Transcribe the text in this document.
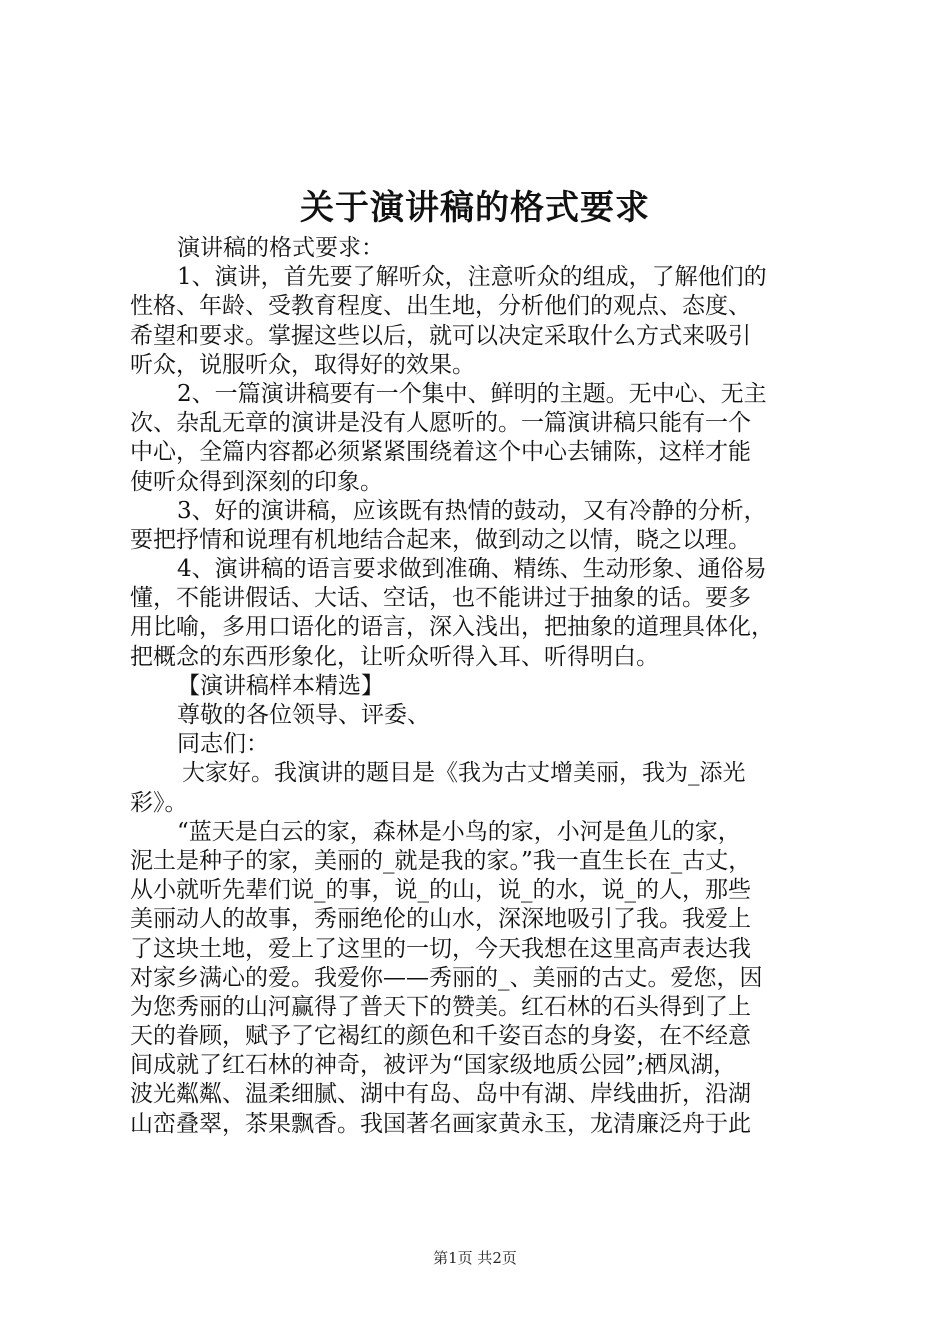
关于演讲稿的格式要求
演讲稿的格式要求：
1、演讲，首先要了解听众，注意听众的组成，了解他们的
性格、年龄、受教育程度、出生地，分析他们的观点、态度、
希望和要求。掌握这些以后，就可以决定采取什么方式来吸引
听众，说服听众，取得好的效果。
2、一篇演讲稿要有一个集中、鲜明的主题。无中心、无主
次、杂乱无章的演讲是没有人愿听的。一篇演讲稿只能有一个
中心，全篇内容都必须紧紧围绕着这个中心去铺陈，这样才能
使听众得到深刻的印象。
3、好的演讲稿，应该既有热情的鼓动，又有冷静的分析，
要把抒情和说理有机地结合起来，做到动之以情，晓之以理。
4、演讲稿的语言要求做到准确、精练、生动形象、通俗易
懂，不能讲假话、大话、空话，也不能讲过于抽象的话。要多
用比喻，多用口语化的语言，深入浅出，把抽象的道理具体化，
把概念的东西形象化，让听众听得入耳、听得明白。
【演讲稿样本精选】
尊敬的各位领导、评委、
同志们：
大家好。我演讲的题目是《我为古丈增美丽，我为_添光
彩》。
“蓝天是白云的家，森林是小鸟的家，小河是鱼儿的家，
泥土是种子的家，美丽的_就是我的家。”我一直生长在_古丈，
从小就听先辈们说_的事，说_的山，说_的水，说_的人，那些
美丽动人的故事，秀丽绝伦的山水，深深地吸引了我。我爱上
了这块土地，爱上了这里的一切，今天我想在这里高声表达我
对家乡满心的爱。我爱你——秀丽的_、美丽的古丈。爱您，因
为您秀丽的山河赢得了普天下的赞美。红石林的石头得到了上
天的眷顾，赋予了它褐红的颜色和千姿百态的身姿，在不经意
间成就了红石林的神奇，被评为“国家级地质公园”;栖凤湖，
波光粼粼、温柔细腻、湖中有岛、岛中有湖、岸线曲折，沿湖
山峦叠翠，茶果飘香。我国著名画家黄永玉，龙清廉泛舟于此
第1页 共2页
